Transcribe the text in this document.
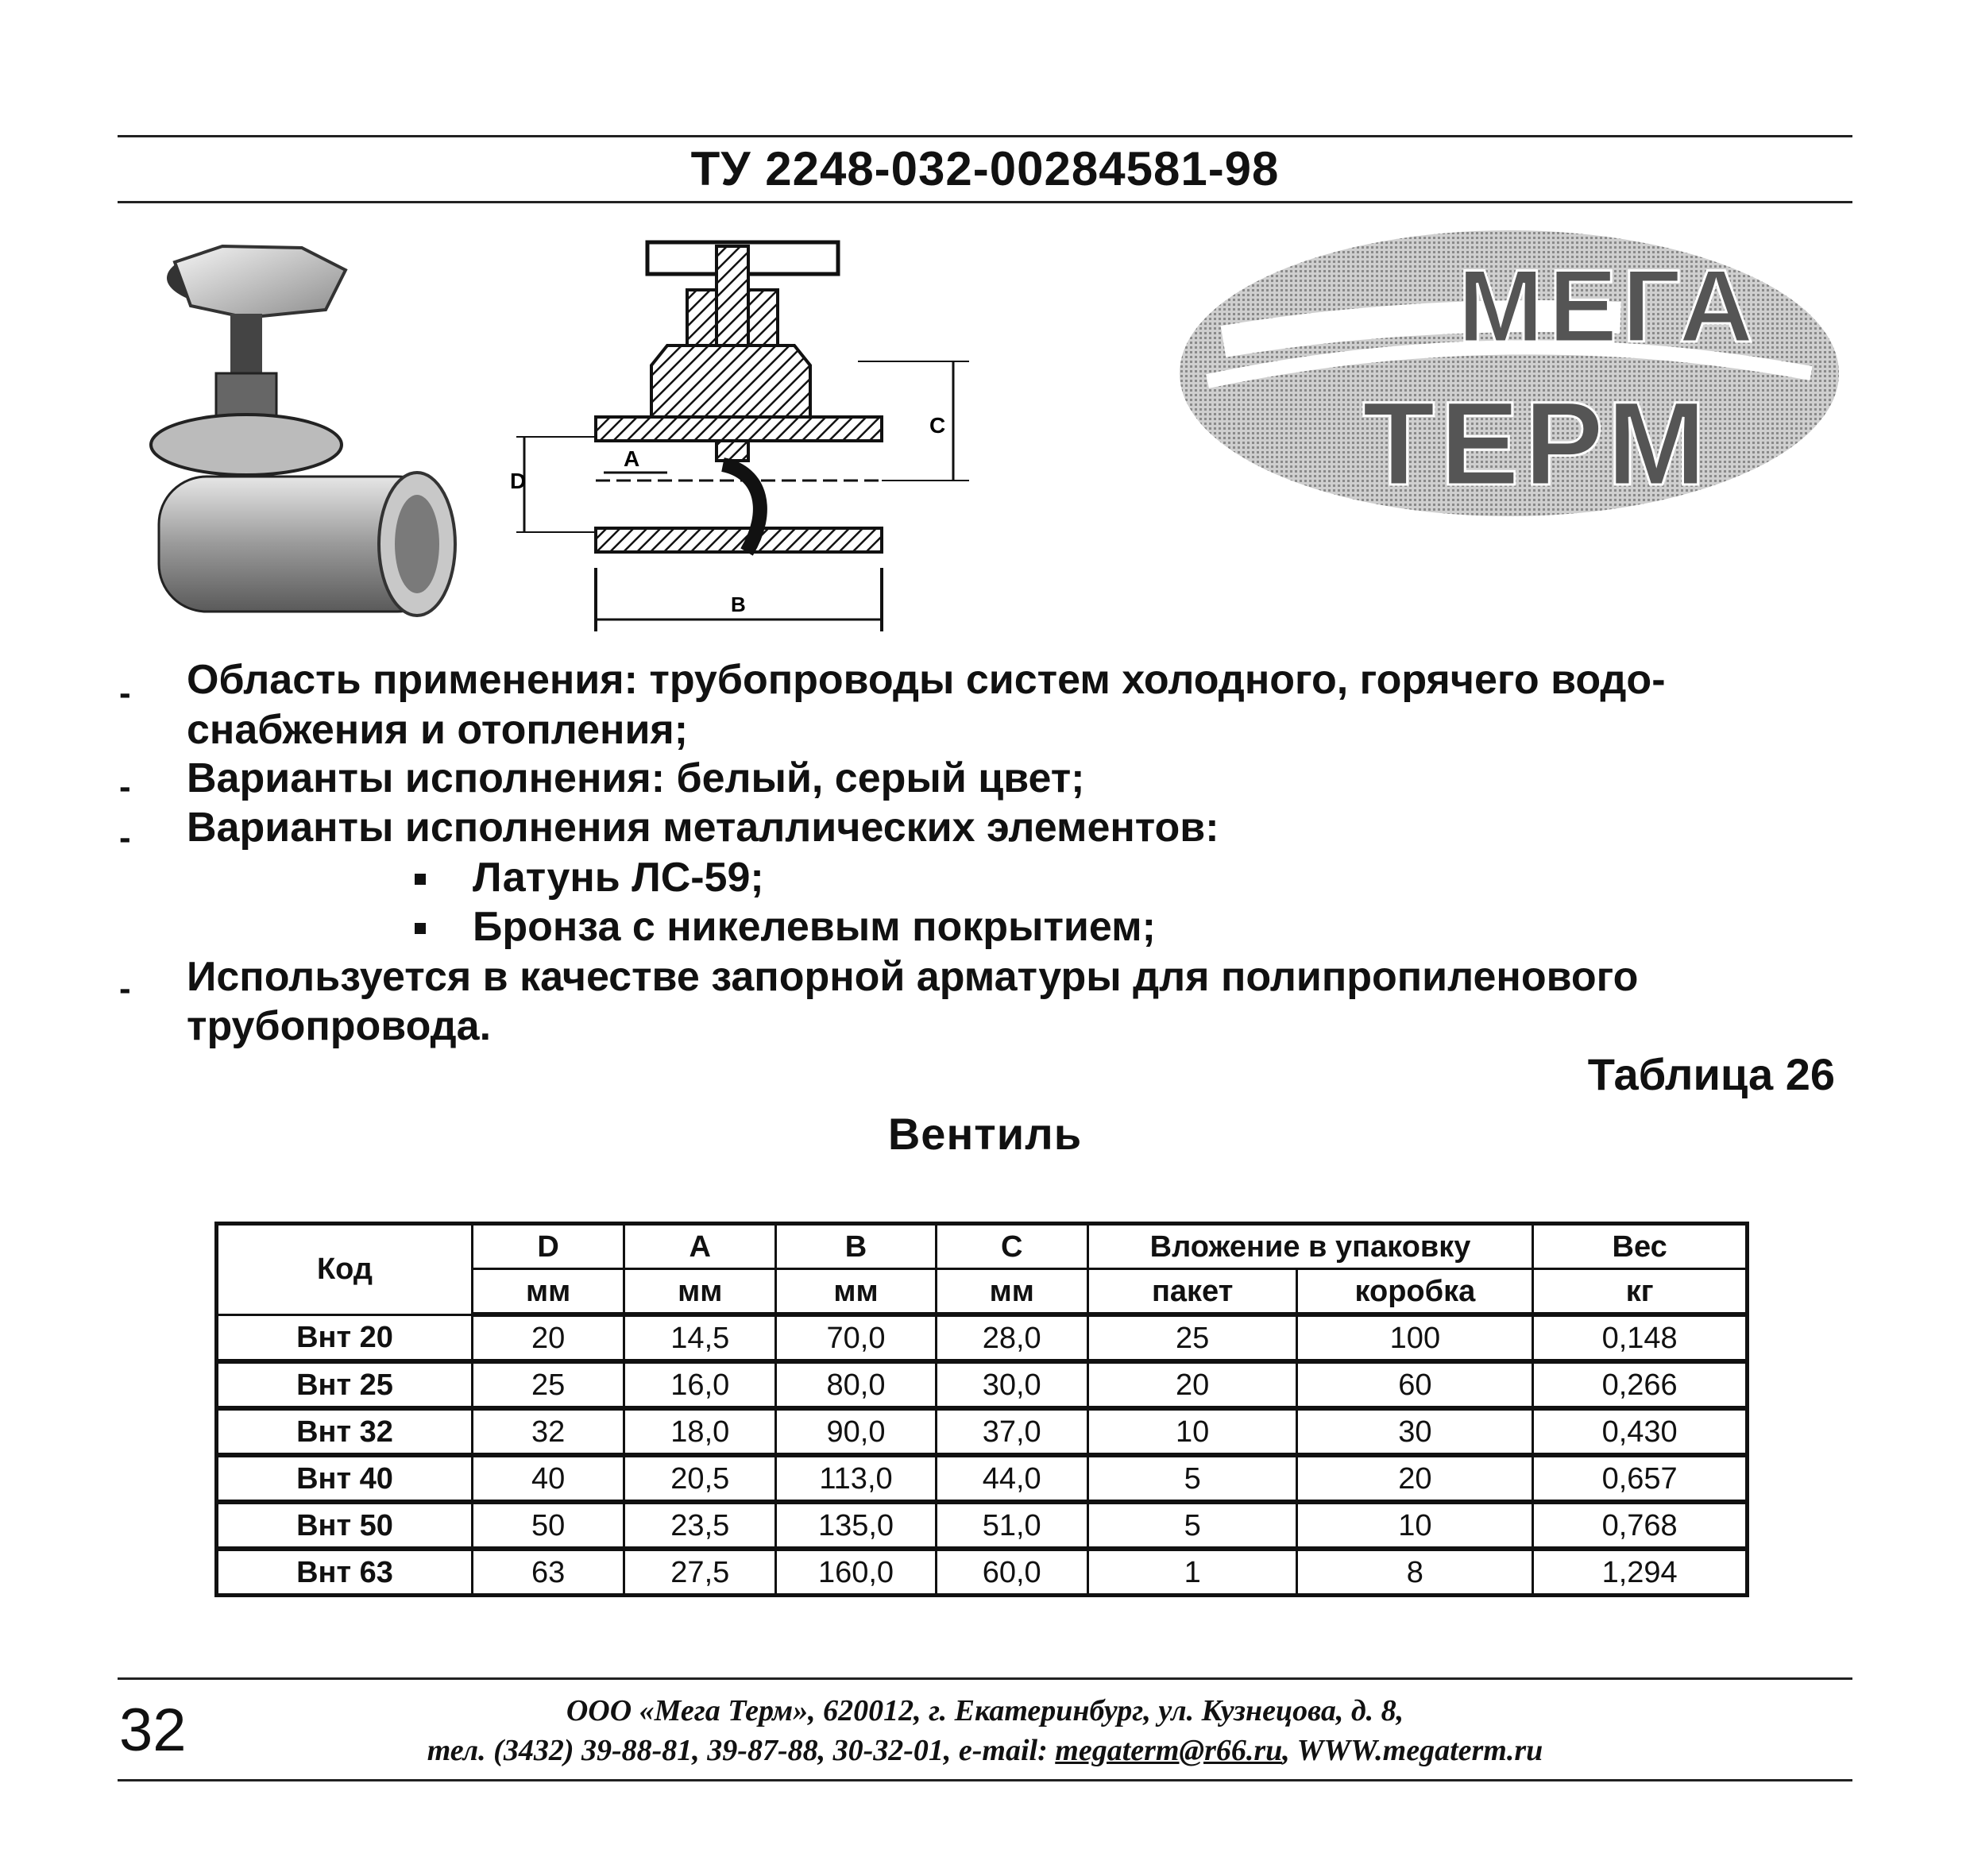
ТУ 2248-032-00284581-98
D
A
C
B
МЕГА
ТЕРМ
- Область применения: трубопроводы систем холодного, горячего водо-
снабжения и отопления;
- Варианты исполнения: белый, серый цвет;
- Варианты исполнения металлических элементов:
Латунь ЛС-59;
Бронза с никелевым покрытием;
- Используется в качестве запорной арматуры для полипропиленового
трубопровода.
Таблица 26
Вентиль
Код	D	A	B	C	Вложение в упаковку		Вес
	мм	мм	мм	мм	пакет	коробка	кг
Внт 20	20	14,5	70,0	28,0	25	100	0,148
Внт 25	25	16,0	80,0	30,0	20	60	0,266
Внт 32	32	18,0	90,0	37,0	10	30	0,430
Внт 40	40	20,5	113,0	44,0	5	20	0,657
Внт 50	50	23,5	135,0	51,0	5	10	0,768
Внт 63	63	27,5	160,0	60,0	1	8	1,294
32	ООО «Мега Терм», 620012, г. Екатеринбург, ул. Кузнецова, д. 8,
тел. (3432) 39-88-81, 39-87-88, 30-32-01, e-mail: megaterm@r66.ru, WWW.megaterm.ru
